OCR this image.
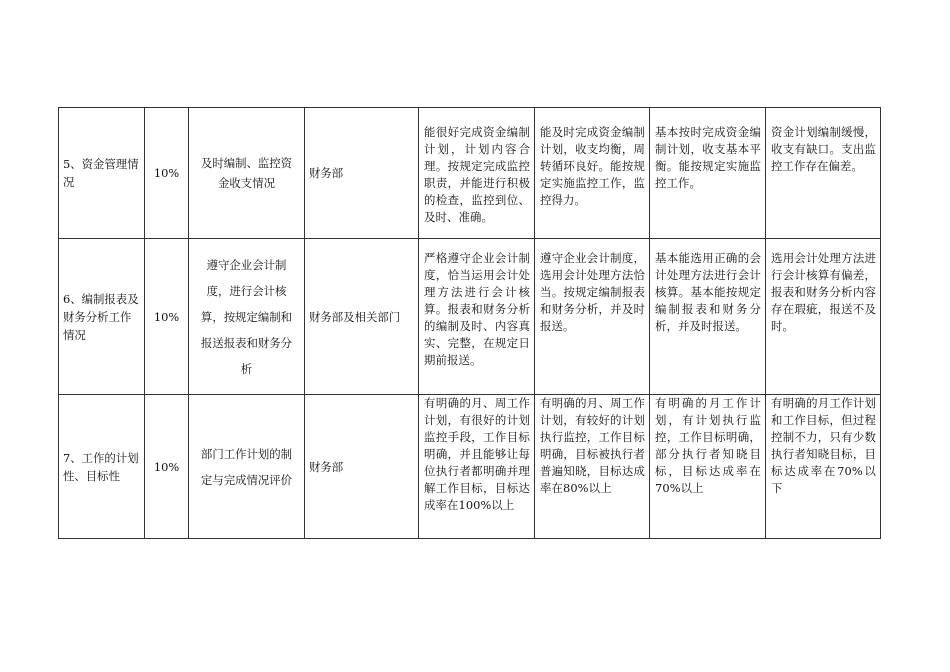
5、资金管理情况	10%	及时编制、监控资金收支情况	财务部	能很好完成资金编制计划，计划内容合理。按规定完成监控职责，并能进行积极的检查，监控到位、及时、准确。	能及时完成资金编制计划，收支均衡，周转循环良好。能按规定实施监控工作，监控得力。	基本按时完成资金编制计划，收支基本平衡。能按规定实施监控工作。	资金计划编制缓慢，收支有缺口。支出监控工作存在偏差。
6、编制报表及财务分析工作情况	10%	遵守企业会计制度，进行会计核算，按规定编制和报送报表和财务分析	财务部及相关部门	严格遵守企业会计制度，恰当运用会计处理方法进行会计核算。报表和财务分析的编制及时、内容真实、完整，在规定日期前报送。	遵守企业会计制度，选用会计处理方法恰当。按规定编制报表和财务分析，并及时报送。	基本能选用正确的会计处理方法进行会计核算。基本能按规定编制报表和财务分析，并及时报送。	选用会计处理方法进行会计核算有偏差，报表和财务分析内容存在瑕疵，报送不及时。
7、工作的计划性、目标性	10%	部门工作计划的制定与完成情况评价	财务部	有明确的月、周工作计划，有很好的计划监控手段，工作目标明确，并且能够让每位执行者都明确并理解工作目标，目标达成率在100%以上	有明确的月、周工作计划，有较好的计划执行监控，工作目标明确，目标被执行者普遍知晓，目标达成率在80%以上	有明确的月工作计划，有计划执行监控，工作目标明确，部分执行者知晓目标，目标达成率在70%以上	有明确的月工作计划和工作目标，但过程控制不力，只有少数执行者知晓目标，目标达成率在70%以下
